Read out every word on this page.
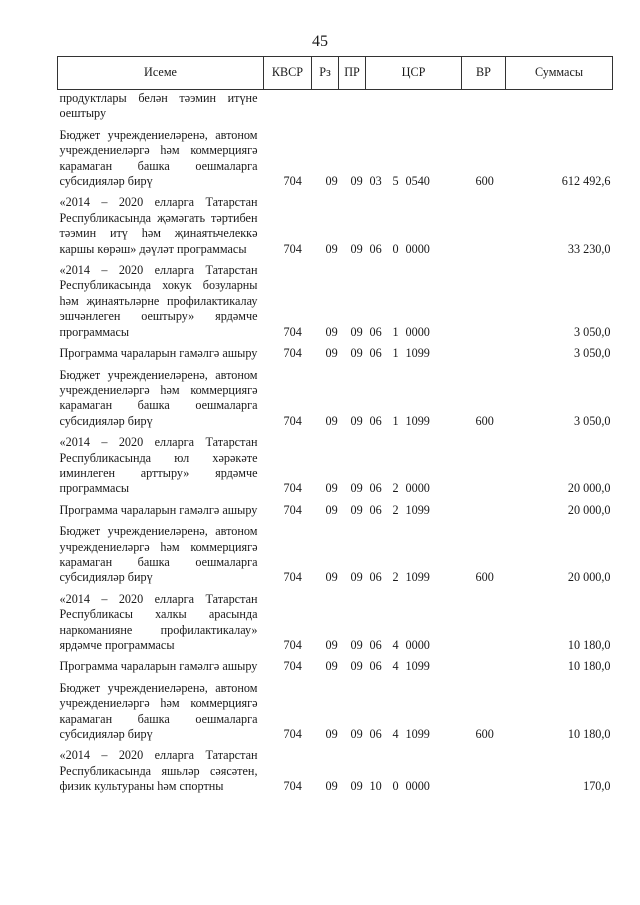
45
Исеме	КВСР	Рз	ПР	ЦСР			ВР	Суммасы
продуктлары белән тәэмин итүне оештыру								
Бюджет учреждениеләренә, автоном учреждениеләргә һәм коммерциягә карамаган башка оешмаларга субсидияләр бирү	704	09	09	03	5	0540	600	612 492,6
«2014 – 2020 елларга Татарстан Республикасында җәмәгать тәртибен тәэмин итү һәм җинаятьчелеккә каршы көрәш» дәүләт программасы	704	09	09	06	0	0000		33 230,0
«2014 – 2020 елларга Татарстан Республикасында хокук бозуларны һәм җинаятьләрне профилактикалау эшчәнлеген оештыру» ярдәмче программасы	704	09	09	06	1	0000		3 050,0
Программа чараларын гамәлгә ашыру	704	09	09	06	1	1099		3 050,0
Бюджет учреждениеләренә, автоном учреждениеләргә һәм коммерциягә карамаган башка оешмаларга субсидияләр бирү	704	09	09	06	1	1099	600	3 050,0
«2014 – 2020 елларга Татарстан Республикасында юл хәрәкәте иминлеген арттыру» ярдәмче программасы	704	09	09	06	2	0000		20 000,0
Программа чараларын гамәлгә ашыру	704	09	09	06	2	1099		20 000,0
Бюджет учреждениеләренә, автоном учреждениеләргә һәм коммерциягә карамаган башка оешмаларга субсидияләр бирү	704	09	09	06	2	1099	600	20 000,0
«2014 – 2020 елларга Татарстан Республикасы халкы арасында наркоманияне профилактикалау» ярдәмче программасы	704	09	09	06	4	0000		10 180,0
Программа чараларын гамәлгә ашыру	704	09	09	06	4	1099		10 180,0
Бюджет учреждениеләренә, автоном учреждениеләргә һәм коммерциягә карамаган башка оешмаларга субсидияләр бирү	704	09	09	06	4	1099	600	10 180,0
«2014 – 2020 елларга Татарстан Республикасында яшьләр сәясәтен, физик культураны һәм спортны	704	09	09	10	0	0000		170,0
